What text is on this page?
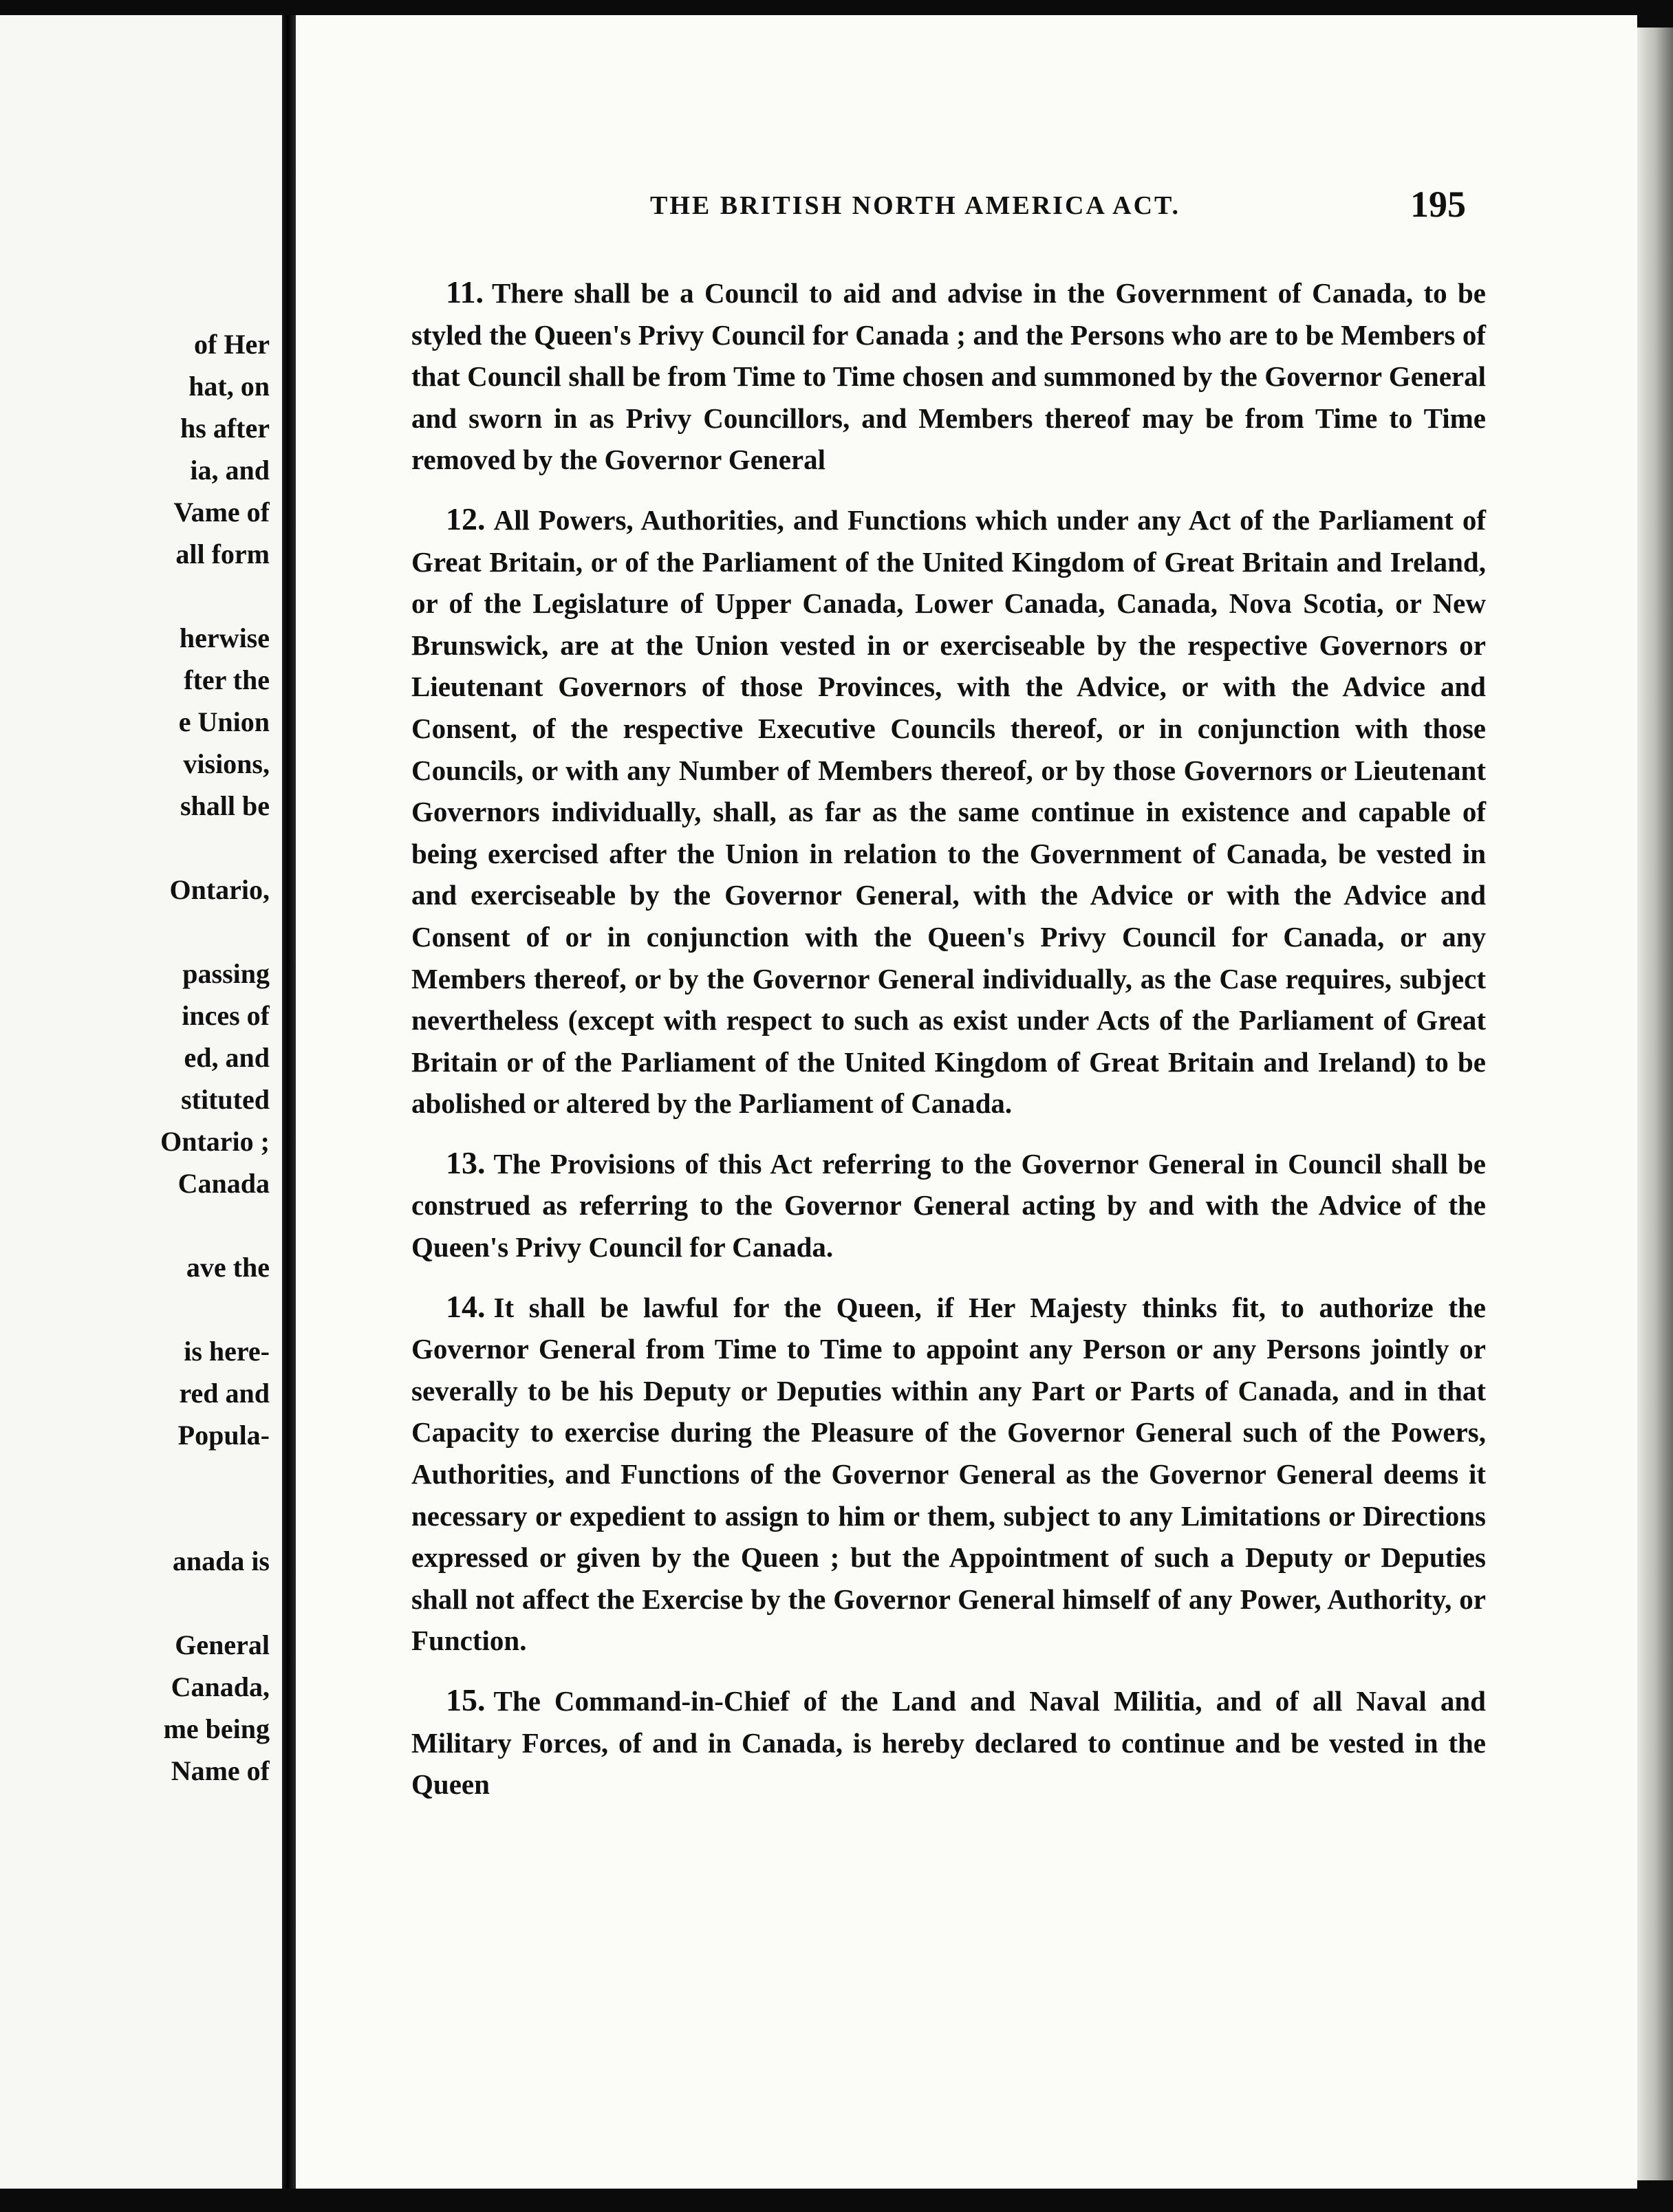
of Her
hat, on
hs after
ia, and
Vame of
all form
herwise
fter the
e Union
visions,
shall be
Ontario,
passing
inces of
ed, and
stituted
Ontario ;
Canada
ave the
is here-
red and
Popula-
anada is
General
Canada,
me being
Name of
THE BRITISH NORTH AMERICA ACT.	195

11. There shall be a Council to aid and advise in the Government of Canada, to be styled the Queen's Privy Council for Canada ; and the Persons who are to be Members of that Council shall be from Time to Time chosen and summoned by the Governor General and sworn in as Privy Councillors, and Members thereof may be from Time to Time removed by the Governor General

12. All Powers, Authorities, and Functions which under any Act of the Parliament of Great Britain, or of the Parliament of the United Kingdom of Great Britain and Ireland, or of the Legislature of Upper Canada, Lower Canada, Canada, Nova Scotia, or New Brunswick, are at the Union vested in or exerciseable by the respective Governors or Lieutenant Governors of those Provinces, with the Advice, or with the Advice and Consent, of the respective Executive Councils thereof, or in conjunction with those Councils, or with any Number of Members thereof, or by those Governors or Lieutenant Governors individually, shall, as far as the same continue in existence and capable of being exercised after the Union in relation to the Government of Canada, be vested in and exerciseable by the Governor General, with the Advice or with the Advice and Consent of or in conjunction with the Queen's Privy Council for Canada, or any Members thereof, or by the Governor General individually, as the Case requires, subject nevertheless (except with respect to such as exist under Acts of the Parliament of Great Britain or of the Parliament of the United Kingdom of Great Britain and Ireland) to be abolished or altered by the Parliament of Canada.

13. The Provisions of this Act referring to the Governor General in Council shall be construed as referring to the Governor General acting by and with the Advice of the Queen's Privy Council for Canada.

14. It shall be lawful for the Queen, if Her Majesty thinks fit, to authorize the Governor General from Time to Time to appoint any Person or any Persons jointly or severally to be his Deputy or Deputies within any Part or Parts of Canada, and in that Capacity to exercise during the Pleasure of the Governor General such of the Powers, Authorities, and Functions of the Governor General as the Governor General deems it necessary or expedient to assign to him or them, subject to any Limitations or Directions expressed or given by the Queen ; but the Appointment of such a Deputy or Deputies shall not affect the Exercise by the Governor General himself of any Power, Authority, or Function.

15. The Command-in-Chief of the Land and Naval Militia, and of all Naval and Military Forces, of and in Canada, is hereby declared to continue and be vested in the Queen
